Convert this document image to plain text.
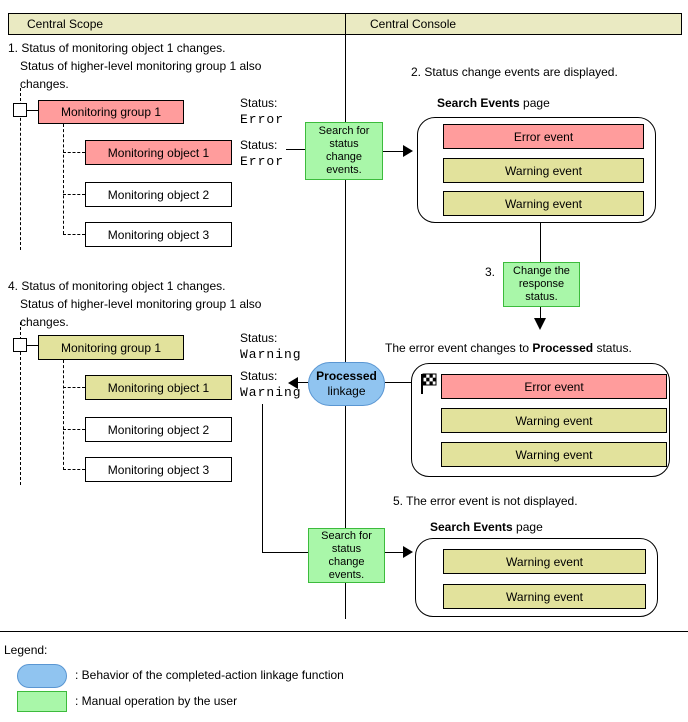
Central Scope	Central Console
1. Status of monitoring object 1 changes.
Status of higher-level monitoring group 1 also
changes.
Monitoring group 1
Monitoring object 1
Monitoring object 2
Monitoring object 3
Status:
Error
Status:
Error
Search for
status
change
events.
2. Status change events are displayed.
Search Events page
Error event
Warning event
Warning event
3. Change the
response
status.
The error event changes to Processed status.
Error event
Warning event
Warning event
4. Status of monitoring object 1 changes.
Status of higher-level monitoring group 1 also
changes.
Monitoring group 1
Monitoring object 1
Monitoring object 2
Monitoring object 3
Status:
Warning
Status:
Warning
Processed
linkage
Search for
status
change
events.
5. The error event is not displayed.
Search Events page
Warning event
Warning event
Legend:
: Behavior of the completed-action linkage function
: Manual operation by the user
